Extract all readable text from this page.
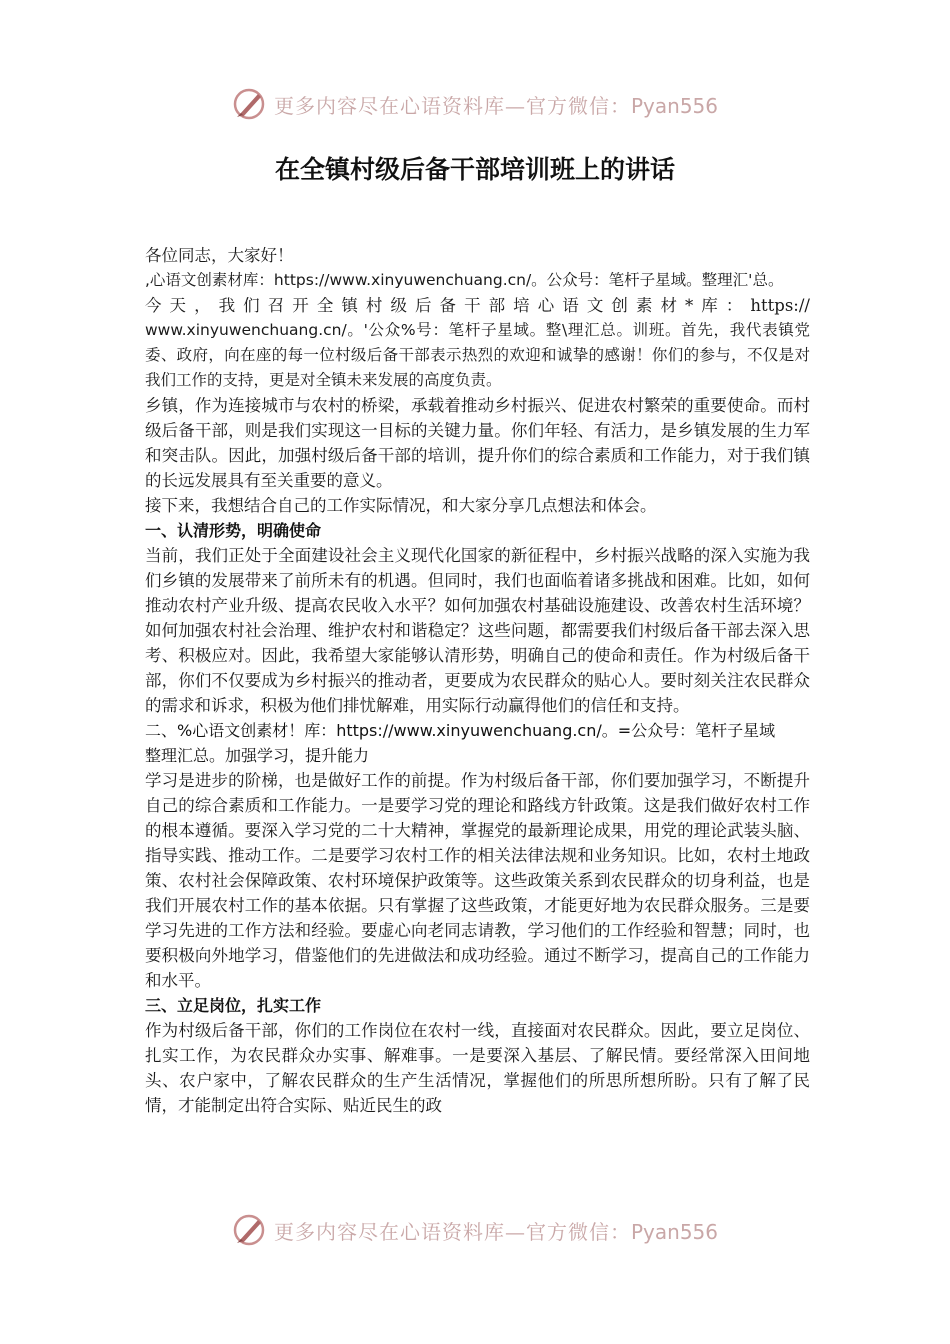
更多内容尽在心语资料库—官方微信：Pyan556
在全镇村级后备干部培训班上的讲话

各位同志，大家好！

,心语文创素材库：https://www.xinyuwenchuang.cn/。公众号：笔杆子星域。整理汇'总。

今天，我们召开全镇村级后备干部培心语文创素材*库：https://

www.xinyuwenchuang.cn/。'公众%号：笔杆子星域。整\理汇总。训班。首先，我代表镇党委、政府，向在座的每一位村级后备干部表示热烈的欢迎和诚挚的感谢！你们的参与，不仅是对我们工作的支持，更是对全镇未来发展的高度负责。

乡镇，作为连接城市与农村的桥梁，承载着推动乡村振兴、促进农村繁荣的重要使命。而村级后备干部，则是我们实现这一目标的关键力量。你们年轻、有活力，是乡镇发展的生力军和突击队。因此，加强村级后备干部的培训，提升你们的综合素质和工作能力，对于我们镇的长远发展具有至关重要的意义。

接下来，我想结合自己的工作实际情况，和大家分享几点想法和体会。

一、认清形势，明确使命

当前，我们正处于全面建设社会主义现代化国家的新征程中，乡村振兴战略的深入实施为我们乡镇的发展带来了前所未有的机遇。但同时，我们也面临着诸多挑战和困难。比如，如何推动农村产业升级、提高农民收入水平？如何加强农村基础设施建设、改善农村生活环境？如何加强农村社会治理、维护农村和谐稳定？这些问题，都需要我们村级后备干部去深入思考、积极应对。因此，我希望大家能够认清形势，明确自己的使命和责任。作为村级后备干部，你们不仅要成为乡村振兴的推动者，更要成为农民群众的贴心人。要时刻关注农民群众的需求和诉求，积极为他们排忧解难，用实际行动赢得他们的信任和支持。

二、%心语文创素材！库：https://www.xinyuwenchuang.cn/。=公众号：笔杆子星域

整理汇总。加强学习，提升能力

学习是进步的阶梯，也是做好工作的前提。作为村级后备干部，你们要加强学习，不断提升自己的综合素质和工作能力。一是要学习党的理论和路线方针政策。这是我们做好农村工作的根本遵循。要深入学习党的二十大精神，掌握党的最新理论成果，用党的理论武装头脑、指导实践、推动工作。二是要学习农村工作的相关法律法规和业务知识。比如，农村土地政策、农村社会保障政策、农村环境保护政策等。这些政策关系到农民群众的切身利益，也是我们开展农村工作的基本依据。只有掌握了这些政策，才能更好地为农民群众服务。三是要学习先进的工作方法和经验。要虚心向老同志请教，学习他们的工作经验和智慧；同时，也要积极向外地学习，借鉴他们的先进做法和成功经验。通过不断学习，提高自己的工作能力和水平。

三、立足岗位，扎实工作

作为村级后备干部，你们的工作岗位在农村一线，直接面对农民群众。因此，要立足岗位、扎实工作，为农民群众办实事、解难事。一是要深入基层、了解民情。要经常深入田间地头、农户家中，了解农民群众的生产生活情况，掌握他们的所思所想所盼。只有了解了民情，才能制定出符合实际、贴近民生的政

更多内容尽在心语资料库—官方微信：Pyan556
